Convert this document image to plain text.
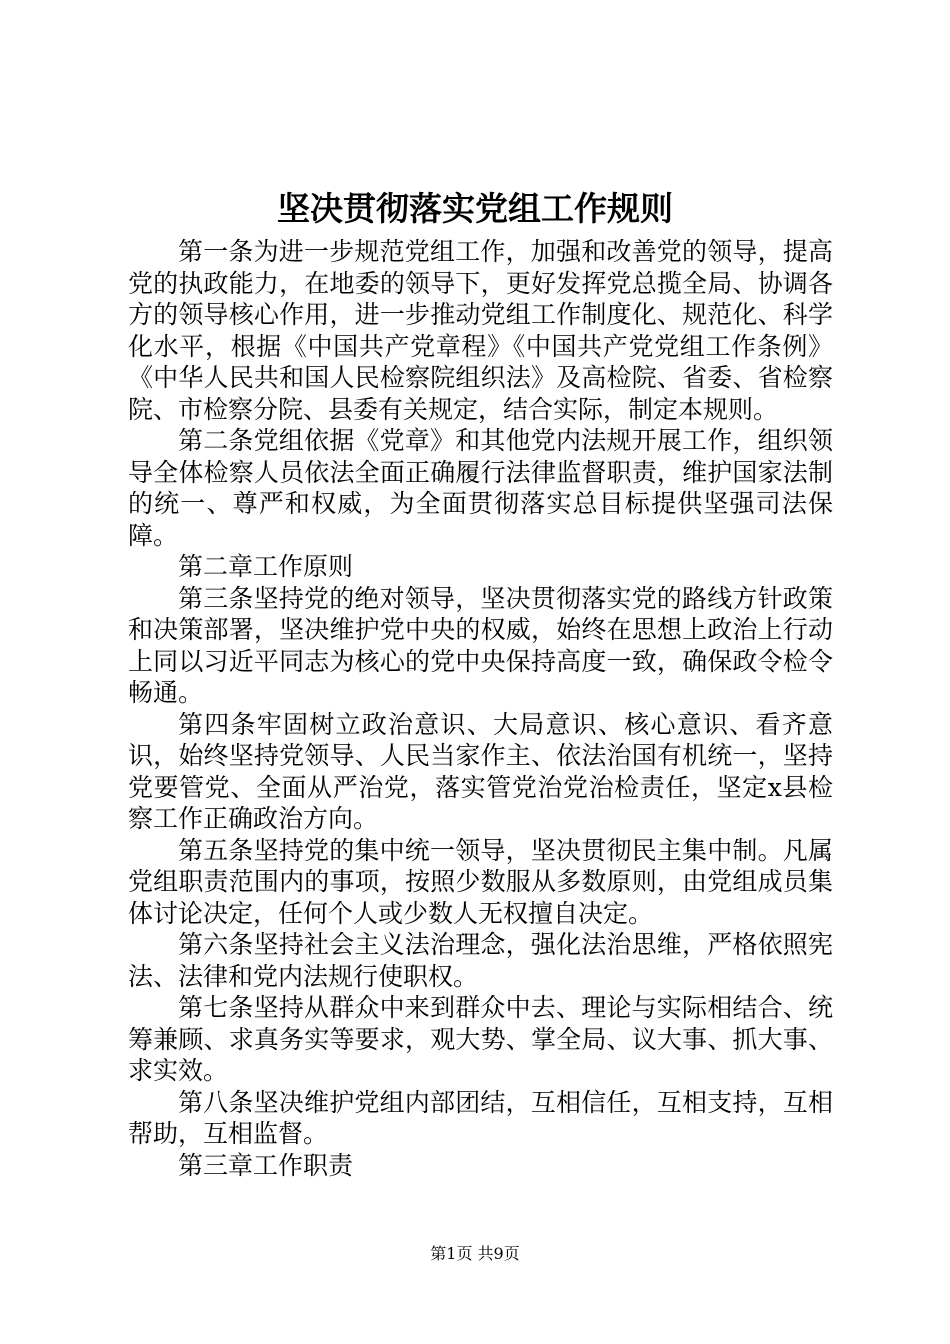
坚决贯彻落实党组工作规则

第一条为进一步规范党组工作，加强和改善党的领导，提高党的执政能力，在地委的领导下，更好发挥党总揽全局、协调各方的领导核心作用，进一步推动党组工作制度化、规范化、科学化水平，根据《中国共产党章程》《中国共产党党组工作条例》《中华人民共和国人民检察院组织法》及高检院、省委、省检察院、市检察分院、县委有关规定，结合实际，制定本规则。

第二条党组依据《党章》和其他党内法规开展工作，组织领导全体检察人员依法全面正确履行法律监督职责，维护国家法制的统一、尊严和权威，为全面贯彻落实总目标提供坚强司法保障。

第二章工作原则

第三条坚持党的绝对领导，坚决贯彻落实党的路线方针政策和决策部署，坚决维护党中央的权威，始终在思想上政治上行动上同以习近平同志为核心的党中央保持高度一致，确保政令检令畅通。

第四条牢固树立政治意识、大局意识、核心意识、看齐意识，始终坚持党领导、人民当家作主、依法治国有机统一，坚持党要管党、全面从严治党，落实管党治党治检责任，坚定x县检察工作正确政治方向。

第五条坚持党的集中统一领导，坚决贯彻民主集中制。凡属党组职责范围内的事项，按照少数服从多数原则，由党组成员集体讨论决定，任何个人或少数人无权擅自决定。

第六条坚持社会主义法治理念，强化法治思维，严格依照宪法、法律和党内法规行使职权。

第七条坚持从群众中来到群众中去、理论与实际相结合、统筹兼顾、求真务实等要求，观大势、掌全局、议大事、抓大事、求实效。

第八条坚决维护党组内部团结，互相信任，互相支持，互相帮助，互相监督。

第三章工作职责

第1页 共9页
